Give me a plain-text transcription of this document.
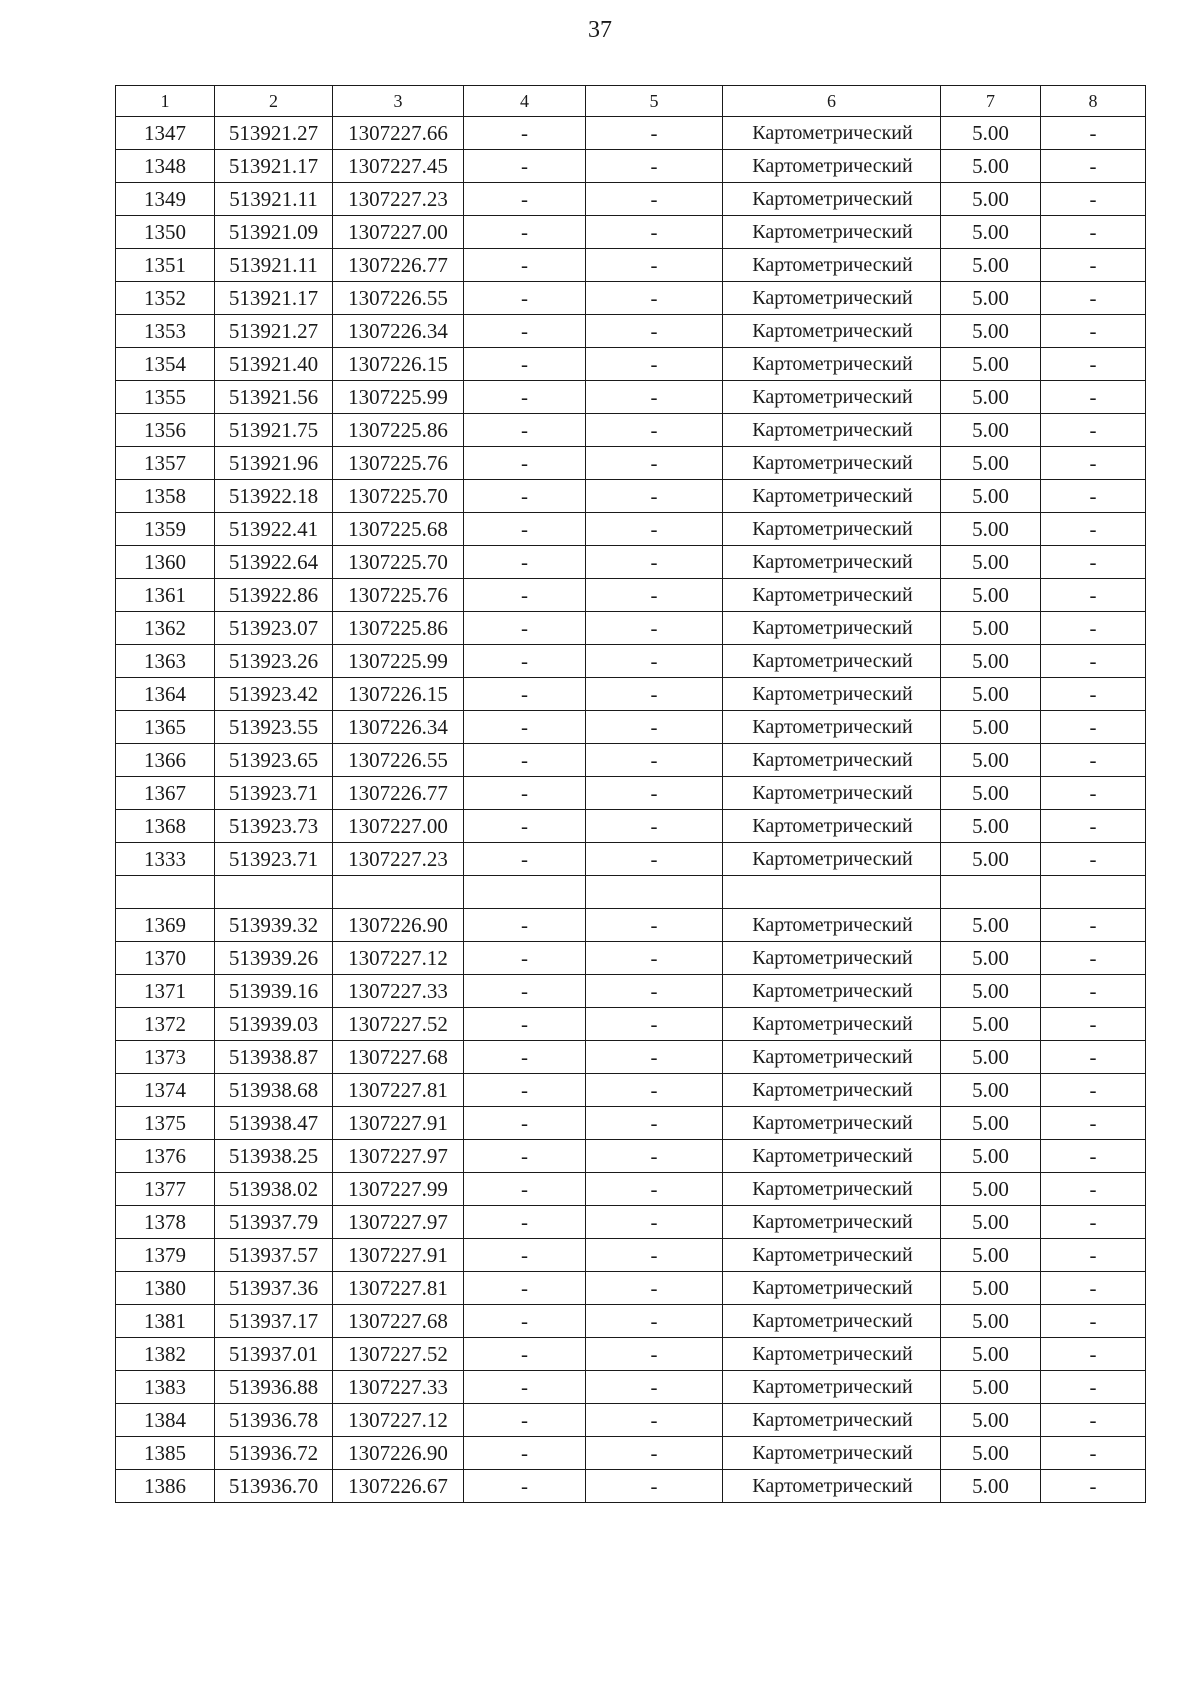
37
1	2	3	4	5	6	7	8
1347	513921.27	1307227.66	-	-	Картометрический	5.00	-
1348	513921.17	1307227.45	-	-	Картометрический	5.00	-
1349	513921.11	1307227.23	-	-	Картометрический	5.00	-
1350	513921.09	1307227.00	-	-	Картометрический	5.00	-
1351	513921.11	1307226.77	-	-	Картометрический	5.00	-
1352	513921.17	1307226.55	-	-	Картометрический	5.00	-
1353	513921.27	1307226.34	-	-	Картометрический	5.00	-
1354	513921.40	1307226.15	-	-	Картометрический	5.00	-
1355	513921.56	1307225.99	-	-	Картометрический	5.00	-
1356	513921.75	1307225.86	-	-	Картометрический	5.00	-
1357	513921.96	1307225.76	-	-	Картометрический	5.00	-
1358	513922.18	1307225.70	-	-	Картометрический	5.00	-
1359	513922.41	1307225.68	-	-	Картометрический	5.00	-
1360	513922.64	1307225.70	-	-	Картометрический	5.00	-
1361	513922.86	1307225.76	-	-	Картометрический	5.00	-
1362	513923.07	1307225.86	-	-	Картометрический	5.00	-
1363	513923.26	1307225.99	-	-	Картометрический	5.00	-
1364	513923.42	1307226.15	-	-	Картометрический	5.00	-
1365	513923.55	1307226.34	-	-	Картометрический	5.00	-
1366	513923.65	1307226.55	-	-	Картометрический	5.00	-
1367	513923.71	1307226.77	-	-	Картометрический	5.00	-
1368	513923.73	1307227.00	-	-	Картометрический	5.00	-
1333	513923.71	1307227.23	-	-	Картометрический	5.00	-

1369	513939.32	1307226.90	-	-	Картометрический	5.00	-
1370	513939.26	1307227.12	-	-	Картометрический	5.00	-
1371	513939.16	1307227.33	-	-	Картометрический	5.00	-
1372	513939.03	1307227.52	-	-	Картометрический	5.00	-
1373	513938.87	1307227.68	-	-	Картометрический	5.00	-
1374	513938.68	1307227.81	-	-	Картометрический	5.00	-
1375	513938.47	1307227.91	-	-	Картометрический	5.00	-
1376	513938.25	1307227.97	-	-	Картометрический	5.00	-
1377	513938.02	1307227.99	-	-	Картометрический	5.00	-
1378	513937.79	1307227.97	-	-	Картометрический	5.00	-
1379	513937.57	1307227.91	-	-	Картометрический	5.00	-
1380	513937.36	1307227.81	-	-	Картометрический	5.00	-
1381	513937.17	1307227.68	-	-	Картометрический	5.00	-
1382	513937.01	1307227.52	-	-	Картометрический	5.00	-
1383	513936.88	1307227.33	-	-	Картометрический	5.00	-
1384	513936.78	1307227.12	-	-	Картометрический	5.00	-
1385	513936.72	1307226.90	-	-	Картометрический	5.00	-
1386	513936.70	1307226.67	-	-	Картометрический	5.00	-
